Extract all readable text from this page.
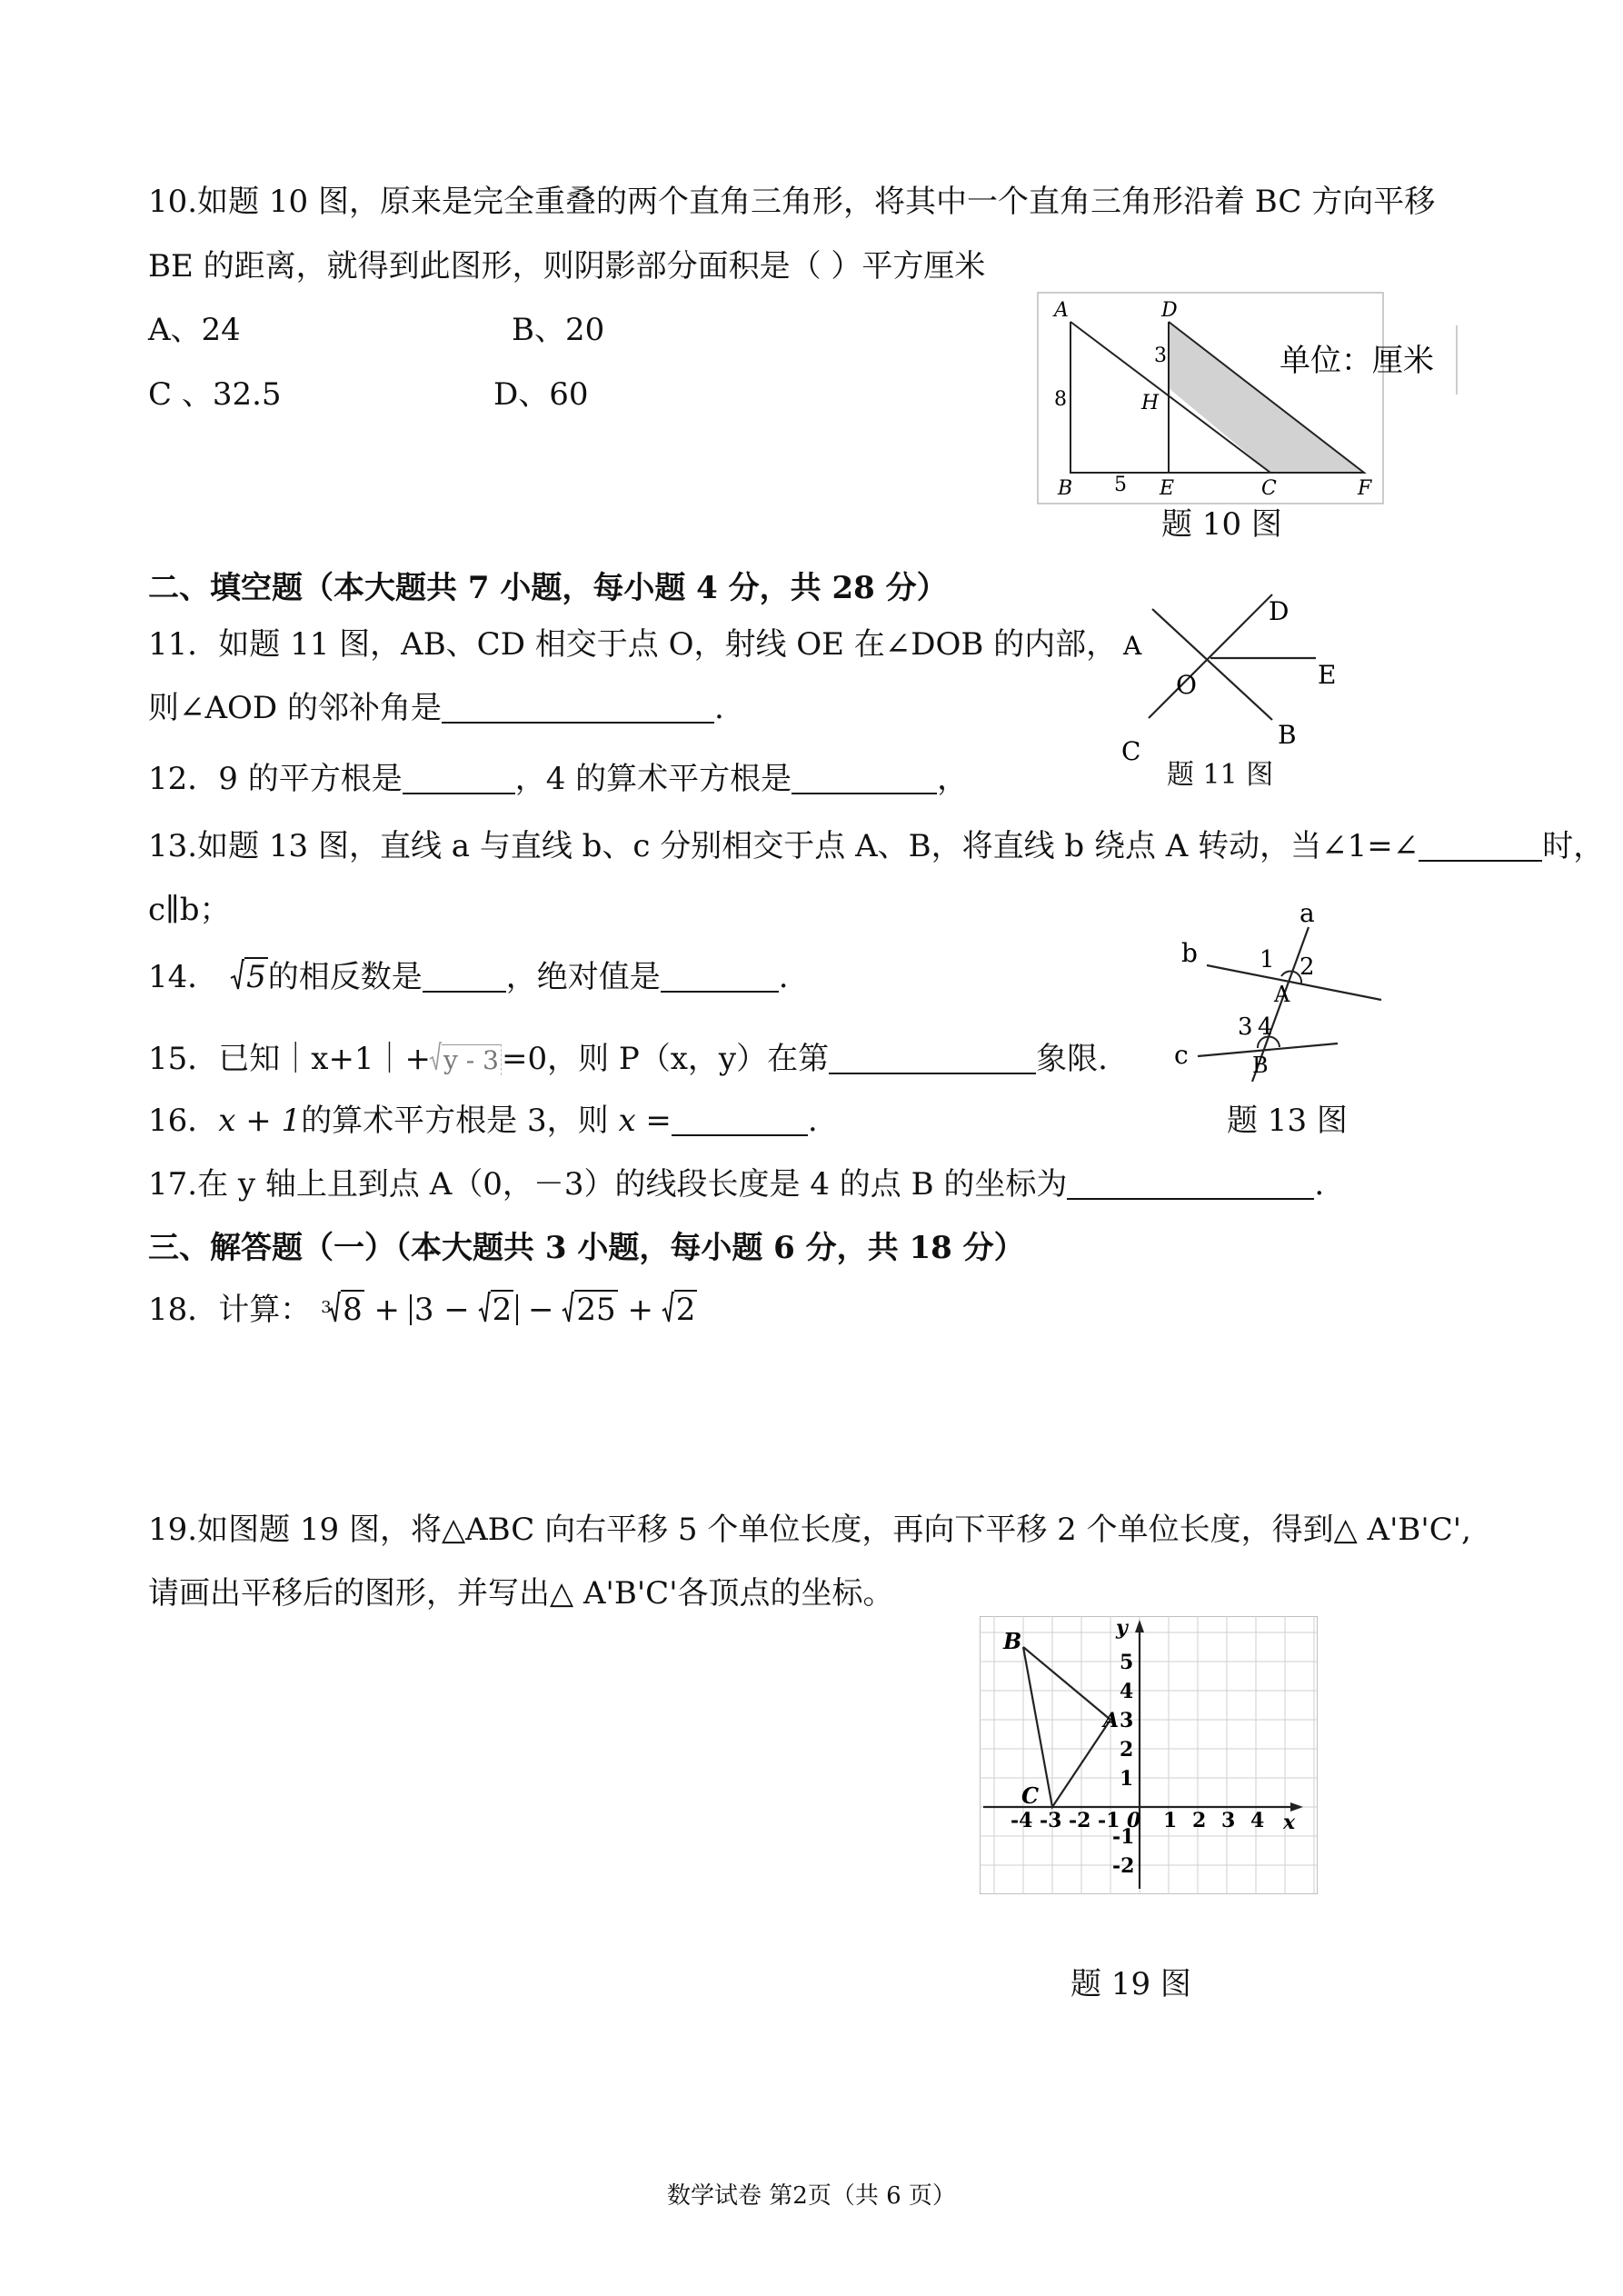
10.如题 10 图，原来是完全重叠的两个直角三角形，将其中一个直角三角形沿着 BC 方向平移
BE 的距离，就得到此图形，则阴影部分面积是（ ）平方厘米
A、24	B、20
C 、32.5	D、60
A	D
3
8	H
B 5 E	C	F
单位：厘米
题 10 图
二、填空题（本大题共 7 小题，每小题 4 分，共 28 分）
11．如题 11 图，AB、CD 相交于点 O，射线 OE 在∠DOB 的内部，
则∠AOD 的邻补角是	.
A
D
E
O
B
C
题 11 图
12．9 的平方根是	，4 的算术平方根是	，
13.如题 13 图，直线 a 与直线 b、c 分别相交于点 A、B，将直线 b 绕点 A 转动，当∠1=∠	时，
c∥b；	a
b
c
1 2
A
3 4
B
题 13 图
14． 5的相反数是	，绝对值是	.
15．已知｜x+1｜+ y - 3=0，则 P（x，y）在第	象限.
16．x + 1的算术平方根是 3，则 x =	.
17.在 y 轴上且到点 A（0，－3）的线段长度是 4 的点 B 的坐标为	.
三、解答题（一）（本大题共 3 小题，每小题 6 分，共 18 分）
18．计算： 3 8 + 3 −
2 − 25 + 2
19.如图题 19 图，将△ABC 向右平移 5 个单位长度，再向下平移 2 个单位长度，得到△ A'B'C',
请画出平移后的图形，并写出△ A'B'C'各顶点的坐标。
y
x
B
A
C
-4 -3 -2 -1 0 1 2 3 4
5
4
3
2
1
-1
-2
题 19 图
数学试卷 第2页（共 6 页）
